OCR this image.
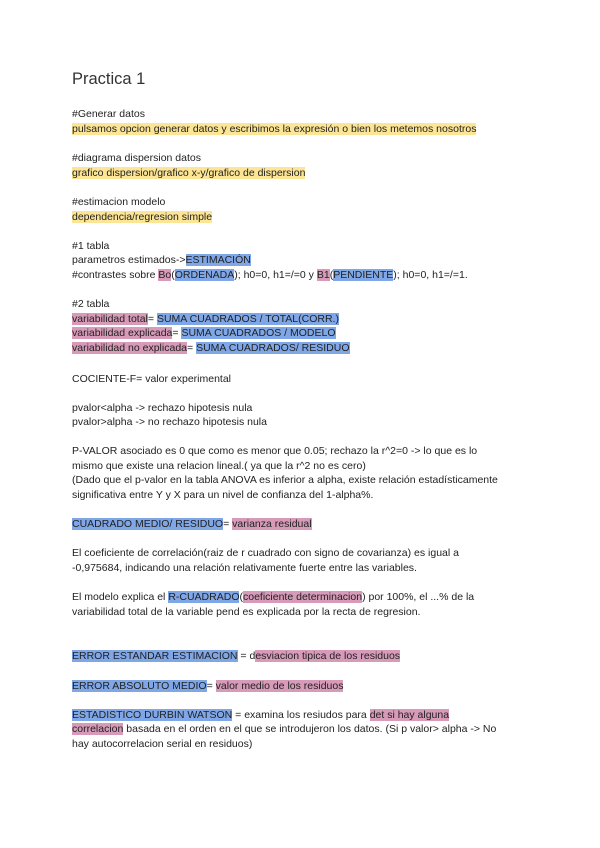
Practica 1
#Generar datos
pulsamos opcion generar datos y escribimos la expresión o bien los metemos nosotros
#diagrama dispersion datos
grafico dispersion/grafico x-y/grafico de dispersion
#estimacion modelo
dependencia/regresion simple
#1 tabla
parametros estimados->ESTIMACIÓN
#contrastes sobre Bo(ORDENADA); h0=0, h1=/=0 y B1(PENDIENTE); h0=0, h1=/=1.
#2 tabla
variabilidad total= SUMA CUADRADOS / TOTAL(CORR.)
variabilidad explicada= SUMA CUADRADOS / MODELO
variabilidad no explicada= SUMA CUADRADOS/ RESIDUO
COCIENTE-F= valor experimental
pvalor<alpha -> rechazo hipotesis nula
pvalor>alpha -> no rechazo hipotesis nula
P-VALOR asociado es 0 que como es menor que 0.05; rechazo la r^2=0 -> lo que es lo
mismo que existe una relacion lineal.( ya que la r^2 no es cero)
(Dado que el p-valor en la tabla ANOVA es inferior a alpha, existe relación estadísticamente
significativa entre Y y X para un nivel de confianza del 1-alpha%.
CUADRADO MEDIO/ RESIDUO= varianza residual
El coeficiente de correlación(raiz de r cuadrado con signo de covarianza) es igual a
-0,975684, indicando una relación relativamente fuerte entre las variables.
El modelo explica el R-CUADRADO(coeficiente determinacion) por 100%, el ...% de la
variabilidad total de la variable pend es explicada por la recta de regresion.
ERROR ESTANDAR ESTIMACION = desviacion tipica de los residuos
ERROR ABSOLUTO MEDIO= valor medio de los residuos
ESTADISTICO DURBIN WATSON = examina los resiudos para det si hay alguna
correlacion basada en el orden en el que se introdujeron los datos. (Si p valor> alpha -> No
hay autocorrelacion serial en residuos)
